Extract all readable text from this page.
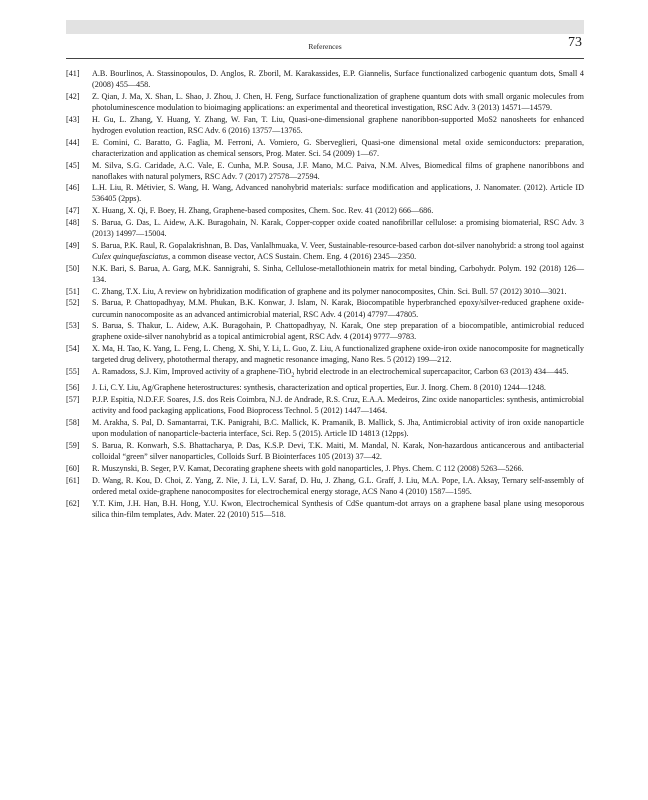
References	73
[41] A.B. Bourlinos, A. Stassinopoulos, D. Anglos, R. Zboril, M. Karakassides, E.P. Giannelis, Surface functionalized carbogenic quantum dots, Small 4 (2008) 455—458.
[42] Z. Qian, J. Ma, X. Shan, L. Shao, J. Zhou, J. Chen, H. Feng, Surface functionalization of graphene quantum dots with small organic molecules from photoluminescence modulation to bioimaging applications: an experimental and theoretical investigation, RSC Adv. 3 (2013) 14571—14579.
[43] H. Gu, L. Zhang, Y. Huang, Y. Zhang, W. Fan, T. Liu, Quasi-one-dimensional graphene nanoribbon-supported MoS2 nanosheets for enhanced hydrogen evolution reaction, RSC Adv. 6 (2016) 13757—13765.
[44] E. Comini, C. Baratto, G. Faglia, M. Ferroni, A. Vomiero, G. Sberveglieri, Quasi-one dimensional metal oxide semiconductors: preparation, characterization and application as chemical sensors, Prog. Mater. Sci. 54 (2009) 1—67.
[45] M. Silva, S.G. Caridade, A.C. Vale, E. Cunha, M.P. Sousa, J.F. Mano, M.C. Paiva, N.M. Alves, Biomedical films of graphene nanoribbons and nanoflakes with natural polymers, RSC Adv. 7 (2017) 27578—27594.
[46] L.H. Liu, R. Métivier, S. Wang, H. Wang, Advanced nanohybrid materials: surface modification and applications, J. Nanomater. (2012). Article ID 536405 (2pps).
[47] X. Huang, X. Qi, F. Boey, H. Zhang, Graphene-based composites, Chem. Soc. Rev. 41 (2012) 666—686.
[48] S. Barua, G. Das, L. Aidew, A.K. Buragohain, N. Karak, Copper-copper oxide coated nanofibrillar cellulose: a promising biomaterial, RSC Adv. 3 (2013) 14997—15004.
[49] S. Barua, P.K. Raul, R. Gopalakrishnan, B. Das, Vanlalhmuaka, V. Veer, Sustainable-resource-based carbon dot-silver nanohybrid: a strong tool against Culex quinquefasciatus, a common disease vector, ACS Sustain. Chem. Eng. 4 (2016) 2345—2350.
[50] N.K. Bari, S. Barua, A. Garg, M.K. Sannigrahi, S. Sinha, Cellulose-metallothionein matrix for metal binding, Carbohydr. Polym. 192 (2018) 126—134.
[51] C. Zhang, T.X. Liu, A review on hybridization modification of graphene and its polymer nanocomposites, Chin. Sci. Bull. 57 (2012) 3010—3021.
[52] S. Barua, P. Chattopadhyay, M.M. Phukan, B.K. Konwar, J. Islam, N. Karak, Biocompatible hyperbranched epoxy/silver-reduced graphene oxide-curcumin nanocomposite as an advanced antimicrobial material, RSC Adv. 4 (2014) 47797—47805.
[53] S. Barua, S. Thakur, L. Aidew, A.K. Buragohain, P. Chattopadhyay, N. Karak, One step preparation of a biocompatible, antimicrobial reduced graphene oxide-silver nanohybrid as a topical antimicrobial agent, RSC Adv. 4 (2014) 9777—9783.
[54] X. Ma, H. Tao, K. Yang, L. Feng, L. Cheng, X. Shi, Y. Li, L. Guo, Z. Liu, A functionalized graphene oxide-iron oxide nanocomposite for magnetically targeted drug delivery, photothermal therapy, and magnetic resonance imaging, Nano Res. 5 (2012) 199—212.
[55] A. Ramadoss, S.J. Kim, Improved activity of a graphene-TiO$_2$ hybrid electrode in an electrochemical supercapacitor, Carbon 63 (2013) 434—445.
[56] J. Li, C.Y. Liu, Ag/Graphene heterostructures: synthesis, characterization and optical properties, Eur. J. Inorg. Chem. 8 (2010) 1244—1248.
[57] P.J.P. Espitia, N.D.F.F. Soares, J.S. dos Reis Coimbra, N.J. de Andrade, R.S. Cruz, E.A.A. Medeiros, Zinc oxide nanoparticles: synthesis, antimicrobial activity and food packaging applications, Food Bioprocess Technol. 5 (2012) 1447—1464.
[58] M. Arakha, S. Pal, D. Samantarrai, T.K. Panigrahi, B.C. Mallick, K. Pramanik, B. Mallick, S. Jha, Antimicrobial activity of iron oxide nanoparticle upon modulation of nanoparticle-bacteria interface, Sci. Rep. 5 (2015). Article ID 14813 (12pps).
[59] S. Barua, R. Konwarh, S.S. Bhattacharya, P. Das, K.S.P. Devi, T.K. Maiti, M. Mandal, N. Karak, Non-hazardous anticancerous and antibacterial colloidal “green” silver nanoparticles, Colloids Surf. B Biointerfaces 105 (2013) 37—42.
[60] R. Muszynski, B. Seger, P.V. Kamat, Decorating graphene sheets with gold nanoparticles, J. Phys. Chem. C 112 (2008) 5263—5266.
[61] D. Wang, R. Kou, D. Choi, Z. Yang, Z. Nie, J. Li, L.V. Saraf, D. Hu, J. Zhang, G.L. Graff, J. Liu, M.A. Pope, I.A. Aksay, Ternary self-assembly of ordered metal oxide-graphene nanocomposites for electrochemical energy storage, ACS Nano 4 (2010) 1587—1595.
[62] Y.T. Kim, J.H. Han, B.H. Hong, Y.U. Kwon, Electrochemical Synthesis of CdSe quantum-dot arrays on a graphene basal plane using mesoporous silica thin-film templates, Adv. Mater. 22 (2010) 515—518.
